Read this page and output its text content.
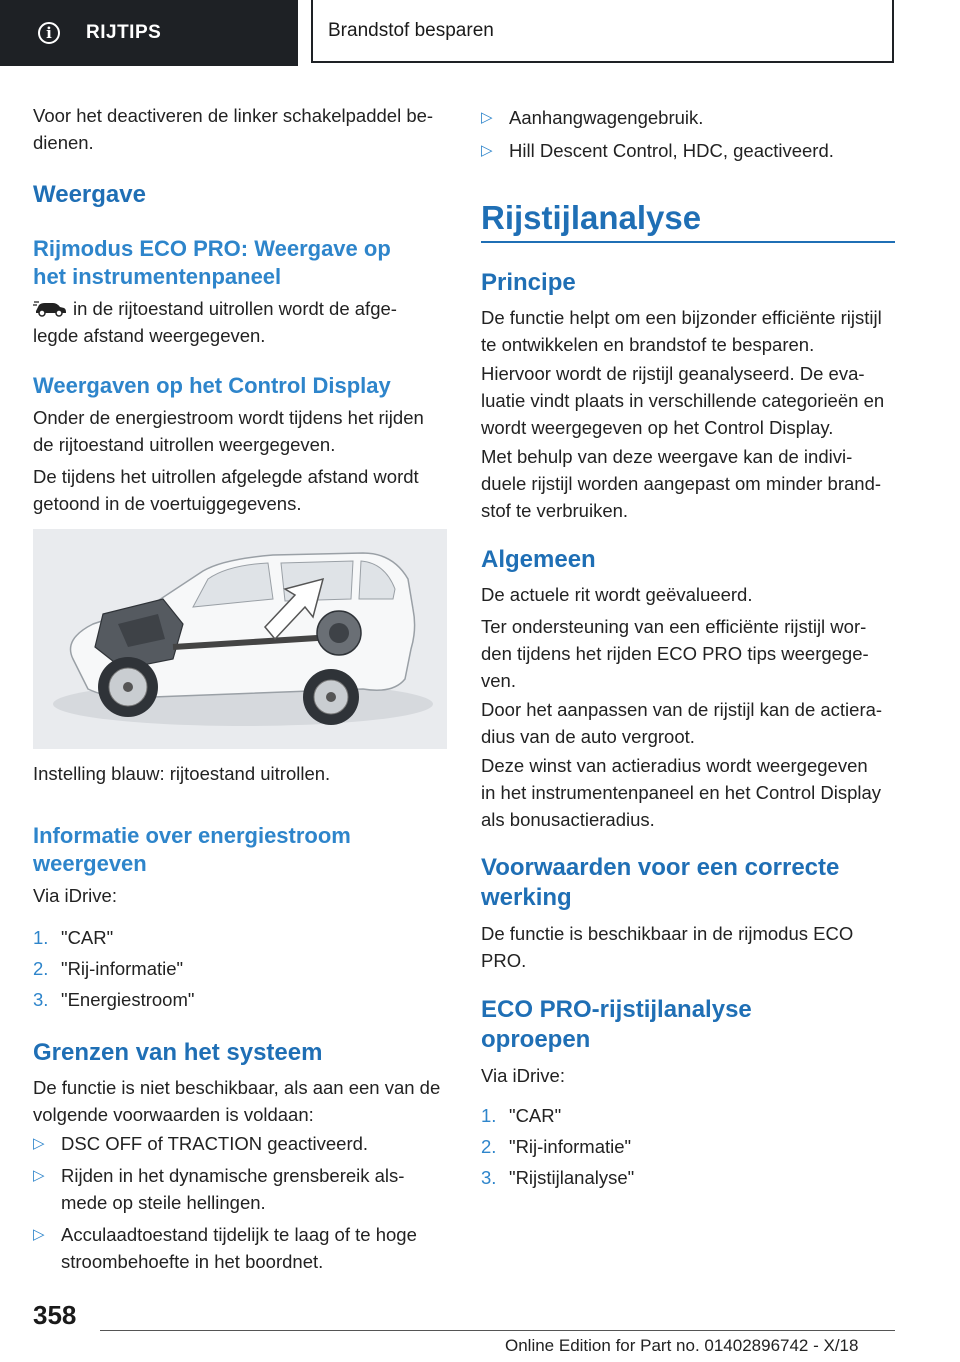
i	RIJTIPS	Brandstof besparen

Voor het deactiveren de linker schakelpaddel be-
dienen.

Weergave
Rijmodus ECO PRO: Weergave op
het instrumentenpaneel
in de rijtoestand uitrollen wordt de afge-
legde afstand weergegeven.
Weergaven op het Control Display

Onder de energiestroom wordt tijdens het rijden
de rijtoestand uitrollen weergegeven.

De tijdens het uitrollen afgelegde afstand wordt
getoond in de voertuiggegevens.

Instelling blauw: rijtoestand uitrollen.

Informatie over energiestroom
weergeven

Via iDrive:

1. "CAR"
2. "Rij-informatie"
3. "Energiestroom"
Grenzen van het systeem

De functie is niet beschikbaar, als aan een van de
volgende voorwaarden is voldaan:

▷ DSC OFF of TRACTION geactiveerd.
▷ Rijden in het dynamische grensbereik als-
mede op steile hellingen.
▷ Acculaadtoestand tijdelijk te laag of te hoge
stroombehoefte in het boordnet.
▷ Aanhangwagengebruik.
▷ Hill Descent Control, HDC, geactiveerd.
Rijstijlanalyse
Principe

De functie helpt om een bijzonder efficiënte rijstijl
te ontwikkelen en brandstof te besparen.

Hiervoor wordt de rijstijl geanalyseerd. De eva-
luatie vindt plaats in verschillende categorieën en
wordt weergegeven op het Control Display.

Met behulp van deze weergave kan de indivi-
duele rijstijl worden aangepast om minder brand-
stof te verbruiken.

Algemeen

De actuele rit wordt geëvalueerd.

Ter ondersteuning van een efficiënte rijstijl wor-
den tijdens het rijden ECO PRO tips weergege-
ven.

Door het aanpassen van de rijstijl kan de actiera-
dius van de auto vergroot.

Deze winst van actieradius wordt weergegeven
in het instrumentenpaneel en het Control Display
als bonusactieradius.

Voorwaarden voor een correcte
werking

De functie is beschikbaar in de rijmodus ECO
PRO.

ECO PRO-rijstijlanalyse
oproepen

Via iDrive:

1. "CAR"
2. "Rij-informatie"
3. "Rijstijlanalyse"
358
Online Edition for Part no. 01402896742 - X/18
